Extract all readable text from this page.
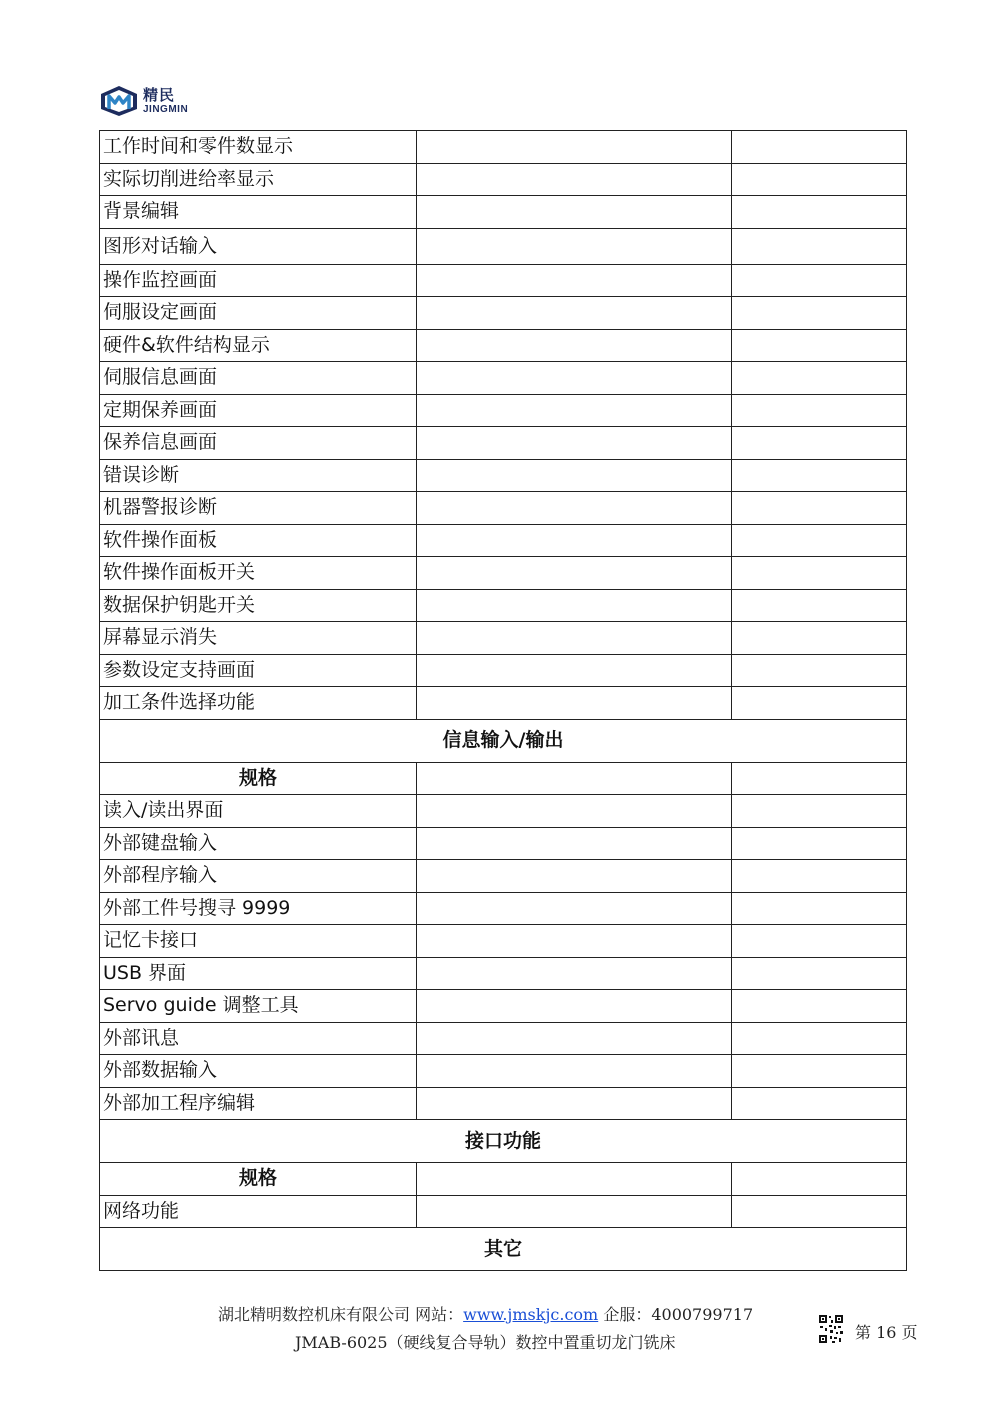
精民
JINGMIN
工作时间和零件数显示		
实际切削进给率显示		
背景编辑		
图形对话输入		
操作监控画面		
伺服设定画面		
硬件&软件结构显示		
伺服信息画面		
定期保养画面		
保养信息画面		
错误诊断		
机器警报诊断		
软件操作面板		
软件操作面板开关		
数据保护钥匙开关		
屏幕显示消失		
参数设定支持画面		
加工条件选择功能		
信息输入/输出		
规格		
读入/读出界面		
外部键盘输入		
外部程序输入		
外部工件号搜寻 9999		
记忆卡接口		
USB 界面		
Servo guide 调整工具		
外部讯息		
外部数据输入		
外部加工程序编辑		
接口功能		
规格		
网络功能		
其它		
湖北精明数控机床有限公司 网站：www.jmskjc.com 企服：4000799717
JMAB-6025（硬线复合导轨）数控中置重切龙门铣床
第 16 页
